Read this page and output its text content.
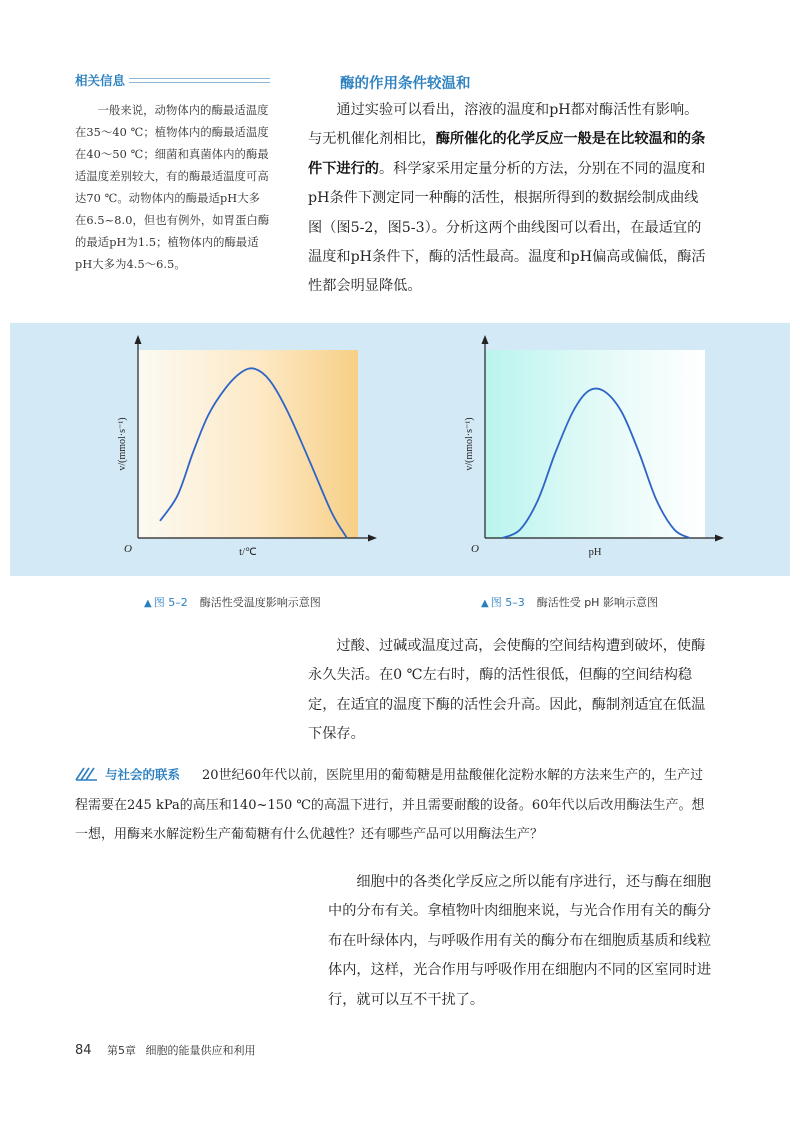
相关信息

一般来说，动物体内的酶最适温度在35～40 ℃；植物体内的酶最适温度在40～50 ℃；细菌和真菌体内的酶最适温度差别较大，有的酶最适温度可高达70 ℃。动物体内的酶最适pH大多在6.5~8.0，但也有例外，如胃蛋白酶的最适pH为1.5；植物体内的酶最适pH大多为4.5～6.5。

酶的作用条件较温和

通过实验可以看出，溶液的温度和pH都对酶活性有影响。与无机催化剂相比，酶所催化的化学反应一般是在比较温和的条件下进行的。科学家采用定量分析的方法，分别在不同的温度和pH条件下测定同一种酶的活性，根据所得到的数据绘制成曲线图（图5-2，图5-3）。分析这两个曲线图可以看出，在最适宜的温度和pH条件下，酶的活性最高。温度和pH偏高或偏低，酶活性都会明显降低。

O	t/℃
v/(mmol·s⁻¹)
O	pH
v/(mmol·s⁻¹)
▲ 图 5–2 酶活性受温度影响示意图	▲ 图 5–3 酶活性受 pH 影响示意图

过酸、过碱或温度过高，会使酶的空间结构遭到破坏，使酶永久失活。在0 ℃左右时，酶的活性很低，但酶的空间结构稳定，在适宜的温度下酶的活性会升高。因此，酶制剂适宜在低温下保存。

与社会的联系 20世纪60年代以前，医院里用的葡萄糖是用盐酸催化淀粉水解的方法来生产的，生产过程需要在245 kPa的高压和140~150 ℃的高温下进行，并且需要耐酸的设备。60年代以后改用酶法生产。想一想，用酶来水解淀粉生产葡萄糖有什么优越性？还有哪些产品可以用酶法生产？

细胞中的各类化学反应之所以能有序进行，还与酶在细胞中的分布有关。拿植物叶肉细胞来说，与光合作用有关的酶分布在叶绿体内，与呼吸作用有关的酶分布在细胞质基质和线粒体内，这样，光合作用与呼吸作用在细胞内不同的区室同时进行，就可以互不干扰了。

84 第5章 细胞的能量供应和利用
